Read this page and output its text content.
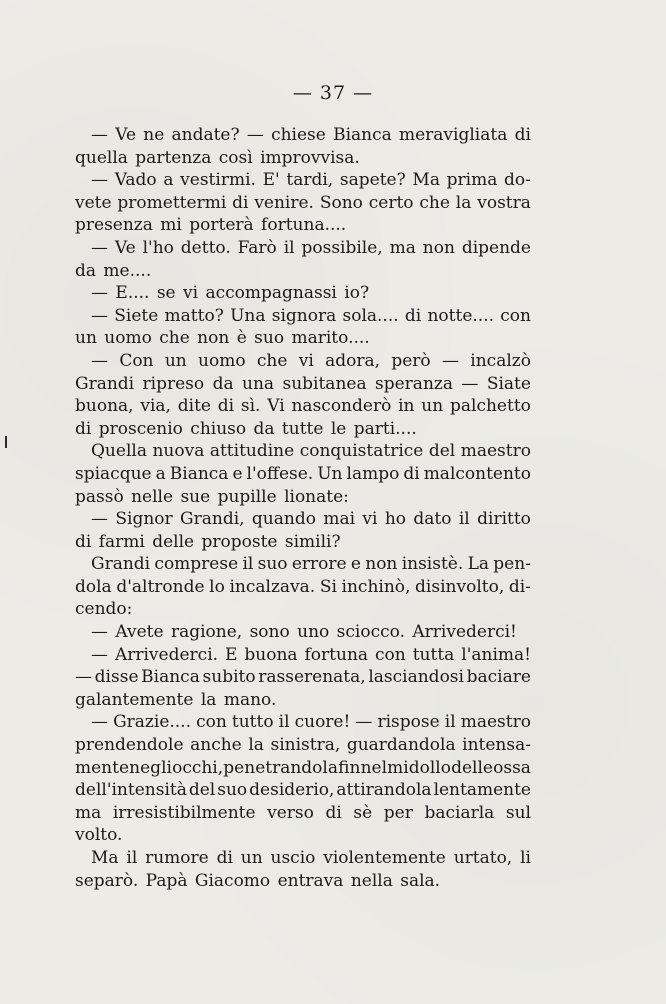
— 37 —
— Ve ne andate? — chiese Bianca meravigliata di
quella partenza così improvvisa.
— Vado a vestirmi. E' tardi, sapete? Ma prima do-
vete promettermi di venire. Sono certo che la vostra
presenza mi porterà fortuna....
— Ve l'ho detto. Farò il possibile, ma non dipende
da me....
— E.... se vi accompagnassi io?
— Siete matto? Una signora sola.... di notte.... con
un uomo che non è suo marito....
— Con un uomo che vi adora, però — incalzò
Grandi ripreso da una subitanea speranza — Siate
buona, via, dite di sì. Vi nasconderò in un palchetto
di proscenio chiuso da tutte le parti....
Quella nuova attitudine conquistatrice del maestro
spiacque a Bianca e l'offese. Un lampo di malcontento
passò nelle sue pupille lionate:
— Signor Grandi, quando mai vi ho dato il diritto
di farmi delle proposte simili?
Grandi comprese il suo errore e non insistè. La pen-
dola d'altronde lo incalzava. Si inchinò, disinvolto, di-
cendo:
— Avete ragione, sono uno sciocco. Arrivederci!
— Arrivederci. E buona fortuna con tutta l'anima!
— disse Bianca subito rasserenata, lasciandosi baciare
galantemente la mano.
— Grazie.... con tutto il cuore! — rispose il maestro
prendendole anche la sinistra, guardandola intensa-
mente negli occhi, penetrandola fin nel midollo delle ossa
dell'intensità del suo desiderio, attirandola lentamente
ma irresistibilmente verso di sè per baciarla sul
volto.
Ma il rumore di un uscio violentemente urtato, li
separò. Papà Giacomo entrava nella sala.
